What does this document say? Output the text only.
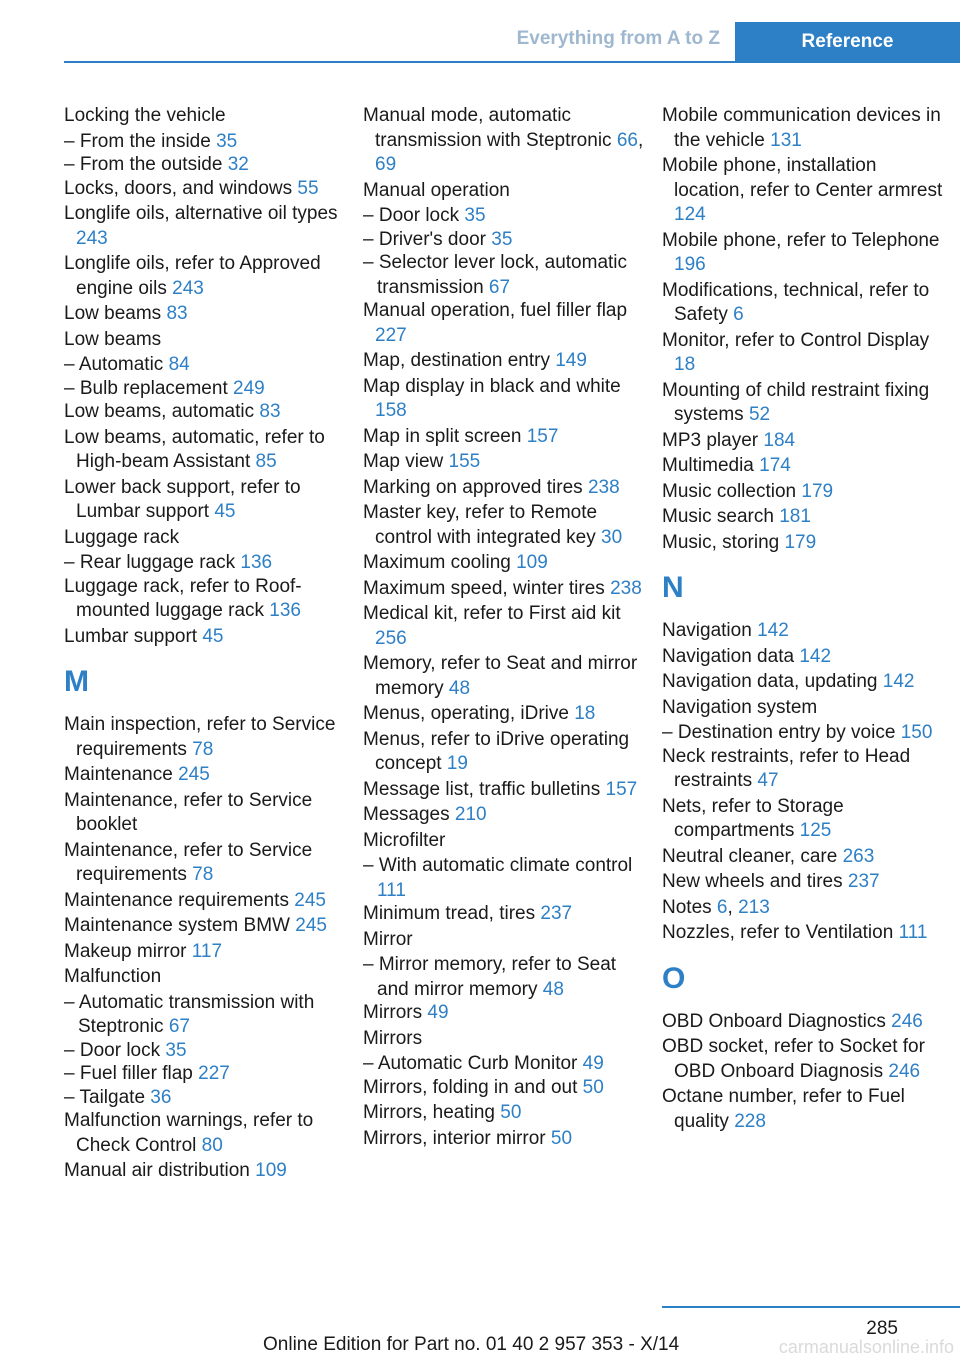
Everything from A to Z	Reference
Locking the vehicle
– From the inside 35
– From the outside 32
Locks, doors, and windows 55
Longlife oils, alternative oil types 243
Longlife oils, refer to Approved engine oils 243
Low beams 83
Low beams
– Automatic 84
– Bulb replacement 249
Low beams, automatic 83
Low beams, automatic, refer to High-beam Assistant 85
Lower back support, refer to Lumbar support 45
Luggage rack
– Rear luggage rack 136
Luggage rack, refer to Roof-mounted luggage rack 136
Lumbar support 45
M
Main inspection, refer to Service requirements 78
Maintenance 245
Maintenance, refer to Service booklet
Maintenance, refer to Service requirements 78
Maintenance requirements 245
Maintenance system BMW 245
Makeup mirror 117
Malfunction
– Automatic transmission with Steptronic 67
– Door lock 35
– Fuel filler flap 227
– Tailgate 36
Malfunction warnings, refer to Check Control 80
Manual air distribution 109
Manual mode, automatic transmission with Steptronic 66, 69
Manual operation
– Door lock 35
– Driver's door 35
– Selector lever lock, automatic transmission 67
Manual operation, fuel filler flap 227
Map, destination entry 149
Map display in black and white 158
Map in split screen 157
Map view 155
Marking on approved tires 238
Master key, refer to Remote control with integrated key 30
Maximum cooling 109
Maximum speed, winter tires 238
Medical kit, refer to First aid kit 256
Memory, refer to Seat and mirror memory 48
Menus, operating, iDrive 18
Menus, refer to iDrive operating concept 19
Message list, traffic bulletins 157
Messages 210
Microfilter
– With automatic climate control 111
Minimum tread, tires 237
Mirror
– Mirror memory, refer to Seat and mirror memory 48
Mirrors 49
Mirrors
– Automatic Curb Monitor 49
Mirrors, folding in and out 50
Mirrors, heating 50
Mirrors, interior mirror 50
Mobile communication devices in the vehicle 131
Mobile phone, installation location, refer to Center armrest 124
Mobile phone, refer to Telephone 196
Modifications, technical, refer to Safety 6
Monitor, refer to Control Display 18
Mounting of child restraint fixing systems 52
MP3 player 184
Multimedia 174
Music collection 179
Music search 181
Music, storing 179
N
Navigation 142
Navigation data 142
Navigation data, updating 142
Navigation system
– Destination entry by voice 150
Neck restraints, refer to Head restraints 47
Nets, refer to Storage compartments 125
Neutral cleaner, care 263
New wheels and tires 237
Notes 6, 213
Nozzles, refer to Ventilation 111
O
OBD Onboard Diagnostics 246
OBD socket, refer to Socket for OBD Onboard Diagnosis 246
Octane number, refer to Fuel quality 228
285
Online Edition for Part no. 01 40 2 957 353 - X/14	carmanualsonline.info
